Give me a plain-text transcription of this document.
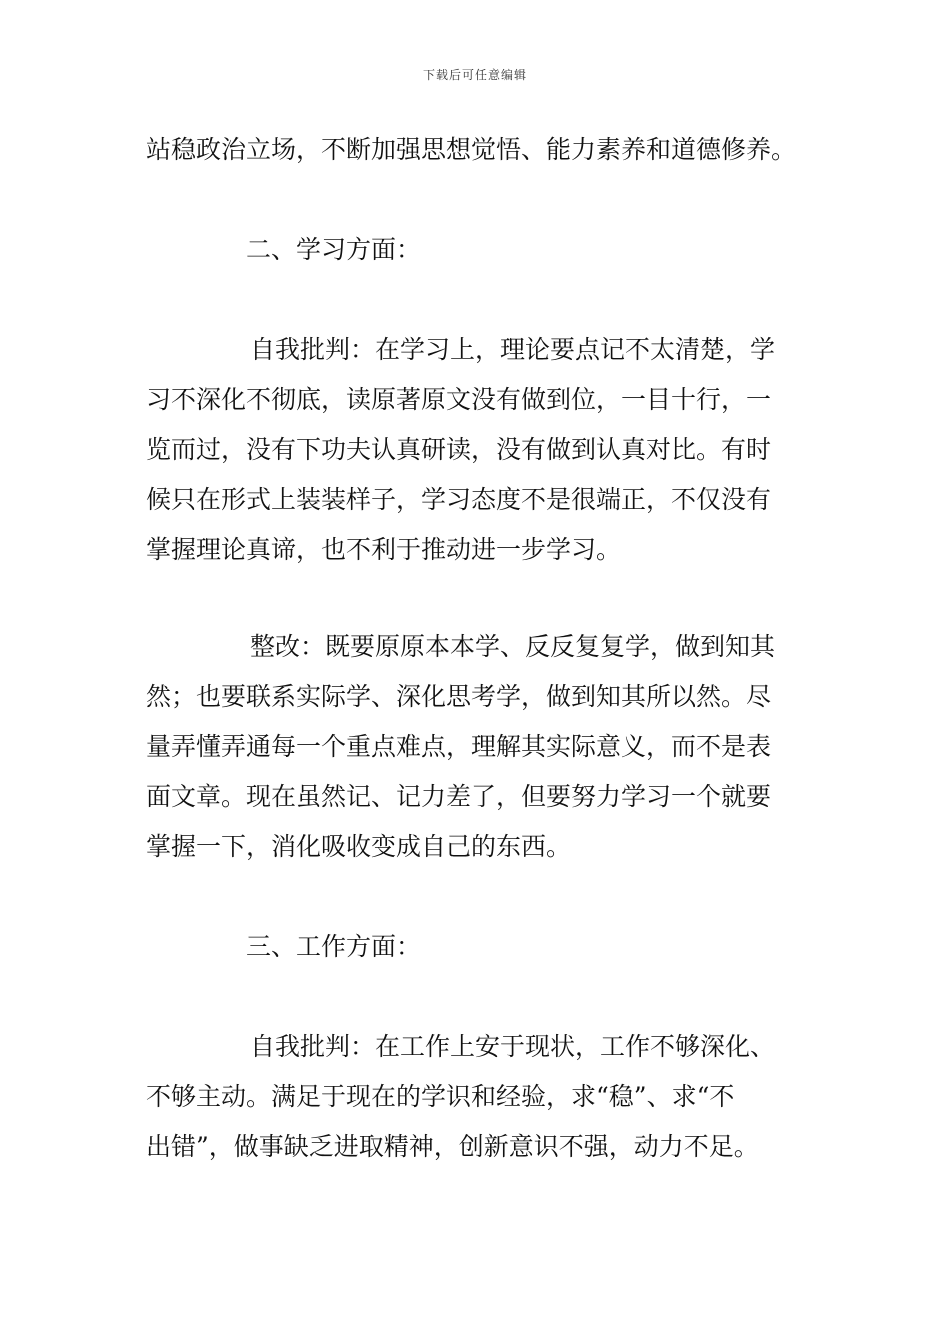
下载后可任意编辑
站稳政治立场，不断加强思想觉悟、能力素养和道德修养。
二、学习方面：
自我批判：在学习上，理论要点记不太清楚，学
习不深化不彻底，读原著原文没有做到位，一目十行，一
览而过，没有下功夫认真研读，没有做到认真对比。有时
候只在形式上装装样子，学习态度不是很端正，不仅没有
掌握理论真谛，也不利于推动进一步学习。
整改：既要原原本本学、反反复复学，做到知其
然；也要联系实际学、深化思考学，做到知其所以然。尽
量弄懂弄通每一个重点难点，理解其实际意义，而不是表
面文章。现在虽然记、记力差了，但要努力学习一个就要
掌握一下，消化吸收变成自己的东西。
三、工作方面：
自我批判：在工作上安于现状，工作不够深化、
不够主动。满足于现在的学识和经验，求“稳”、求“不
出错”，做事缺乏进取精神，创新意识不强，动力不足。
